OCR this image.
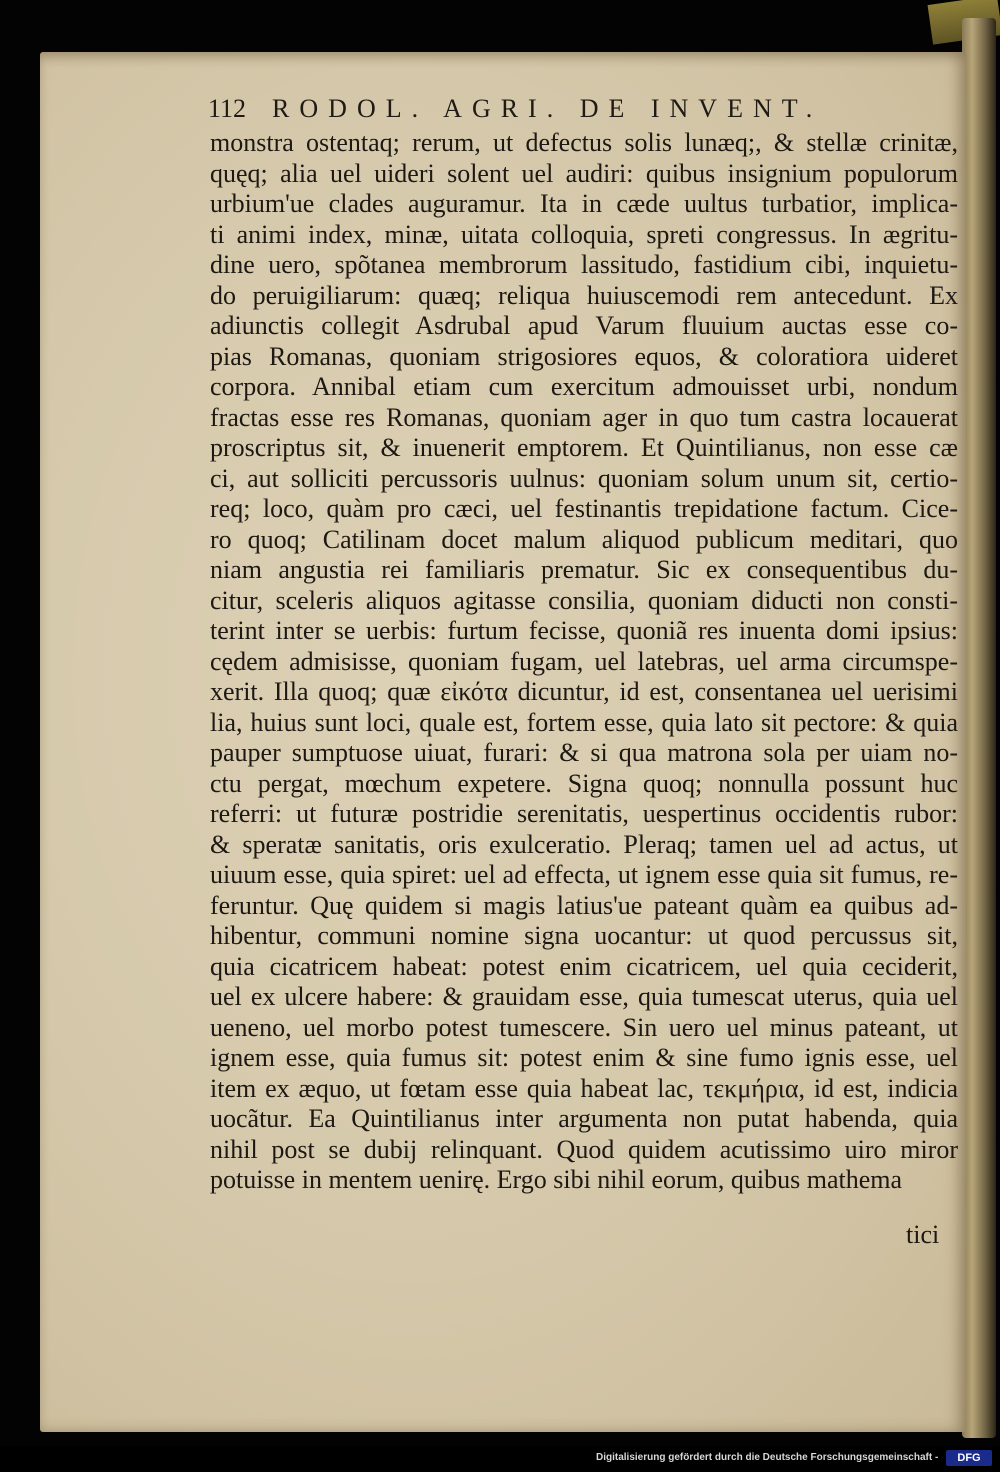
112 RODOL. AGRI. DE INVENT.
monstra ostentaq; rerum, ut defectus solis lunæq;, & stellæ crinitæ,
quęq; alia uel uideri solent uel audiri: quibus insignium populorum
urbium'ue clades auguramur. Ita in cæde uultus turbatior, implica-
ti animi index, minæ, uitata colloquia, spreti congressus. In ægritu-
dine uero, spõtanea membrorum lassitudo, fastidium cibi, inquietu-
do peruigiliarum: quæq; reliqua huiuscemodi rem antecedunt. Ex
adiunctis collegit Asdrubal apud Varum fluuium auctas esse co-
pias Romanas, quoniam strigosiores equos, & coloratiora uideret
corpora. Annibal etiam cum exercitum admouisset urbi, nondum
fractas esse res Romanas, quoniam ager in quo tum castra locauerat
proscriptus sit, & inuenerit emptorem. Et Quintilianus, non esse cæ
ci, aut solliciti percussoris uulnus: quoniam solum unum sit, certio-
req; loco, quàm pro cæci, uel festinantis trepidatione factum. Cice-
ro quoq; Catilinam docet malum aliquod publicum meditari, quo
niam angustia rei familiaris prematur. Sic ex consequentibus du-
citur, sceleris aliquos agitasse consilia, quoniam diducti non consti-
terint inter se uerbis: furtum fecisse, quoniã res inuenta domi ipsius:
cędem admisisse, quoniam fugam, uel latebras, uel arma circumspe-
xerit. Illa quoq; quæ εἰκότα dicuntur, id est, consentanea uel uerisimi
lia, huius sunt loci, quale est, fortem esse, quia lato sit pectore: & quia
pauper sumptuose uiuat, furari: & si qua matrona sola per uiam no-
ctu pergat, mœchum expetere. Signa quoq; nonnulla possunt huc
referri: ut futuræ postridie serenitatis, uespertinus occidentis rubor:
& speratæ sanitatis, oris exulceratio. Pleraq; tamen uel ad actus, ut
uiuum esse, quia spiret: uel ad effecta, ut ignem esse quia sit fumus, re-
feruntur. Quę quidem si magis latius'ue pateant quàm ea quibus ad-
hibentur, communi nomine signa uocantur: ut quod percussus sit,
quia cicatricem habeat: potest enim cicatricem, uel quia ceciderit,
uel ex ulcere habere: & grauidam esse, quia tumescat uterus, quia uel
ueneno, uel morbo potest tumescere. Sin uero uel minus pateant, ut
ignem esse, quia fumus sit: potest enim & sine fumo ignis esse, uel
item ex æquo, ut fœtam esse quia habeat lac, τεκμήρια, id est, indicia
uocãtur. Ea Quintilianus inter argumenta non putat habenda, quia
nihil post se dubij relinquant. Quod quidem acutissimo uiro miror
potuisse in mentem uenirę. Ergo sibi nihil eorum, quibus mathema
tici
Digitalisierung gefördert durch die Deutsche Forschungsgemeinschaft -	DFG
